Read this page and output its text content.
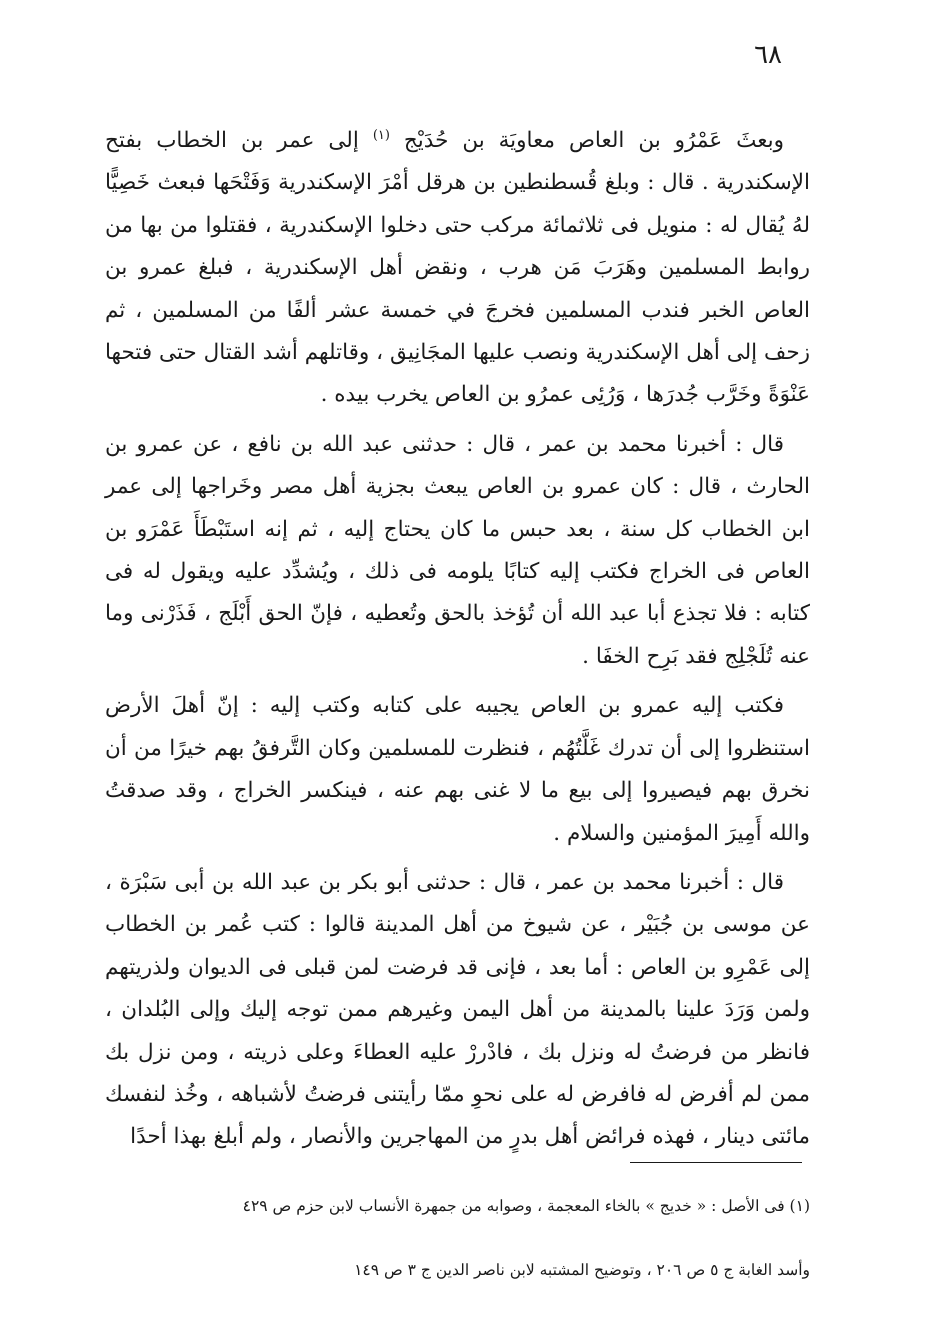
٦٨

وبعثَ عَمْرُو بن العاص معاويَة بن حُدَيْج $^{(١)}$ إلى عمر بن الخطاب بفتح الإسكندرية . قال : وبلغ قُسطنطين بن هرقل أمْرَ الإسكندرية وَفَتْحَها فبعث خَصِيًّا لهُ يُقال له : منويل فى ثلاثمائة مركب حتى دخلوا الإسكندرية ، فقتلوا من بها من روابط المسلمين وهَرَبَ مَن هرب ، ونقض أهل الإسكندرية ، فبلغ عمرو بن العاص الخبر فندب المسلمين فخرجَ في خمسة عشر ألفًا من المسلمين ، ثم زحف إلى أهل الإسكندرية ونصب عليها المجَانِيق ، وقاتلهم أشد القتال حتى فتحها عَنْوَةً وخَرَّب جُدرَها ، وَرُئِى عمرُو بن العاص يخرب بيده .

قال : أخبرنا محمد بن عمر ، قال : حدثنى عبد الله بن نافع ، عن عمرو بن الحارث ، قال : كان عمرو بن العاص يبعث بجزية أهل مصر وخَراجها إلى عمر ابن الخطاب كل سنة ، بعد حبس ما كان يحتاج إليه ، ثم إنه استَبْطَأَ عَمْرَو بن العاص فى الخراج فكتب إليه كتابًا يلومه فى ذلك ، ويُشدِّد عليه ويقول له فى كتابه : فلا تجذع أبا عبد الله أن تُؤخذ بالحق وتُعطيه ، فإنّ الحق أَبْلَج ، فَذَرْنى وما عنه تُلَجْلِج فقد بَرِح الخفَا .

فكتب إليه عمرو بن العاص يجيبه على كتابه وكتب إليه : إنّ أهلَ الأرض استنظروا إلى أن تدرك غَلَّتُهُم ، فنظرت للمسلمين وكان التَّرفقُ بهم خيرًا من أن نخرق بهم فيصيروا إلى بيع ما لا غنى بهم عنه ، فينكسر الخراج ، وقد صدقتُ والله أَمِيرَ المؤمنين والسلام .

قال : أخبرنا محمد بن عمر ، قال : حدثنى أبو بكر بن عبد الله بن أبى سَبْرَة ، عن موسى بن جُبَيْر ، عن شيوخ من أهل المدينة قالوا : كتب عُمر بن الخطاب إلى عَمْرِو بن العاص : أما بعد ، فإنى قد فرضت لمن قبلى فى الديوان ولذريتهم ولمن وَرَدَ علينا بالمدينة من أهل اليمن وغيرهم ممن توجه إليك وإلى البُلدان ، فانظر من فرضتُ له ونزل بك ، فادْررْ عليه العطاءَ وعلى ذريته ، ومن نزل بك ممن لم أفرض له فافرض له على نحوِ ممّا رأيتنى فرضتُ لأشباهه ، وخُذ لنفسك مائتى دينار ، فهذه فرائض أهل بدرٍ من المهاجرين والأنصار ، ولم أبلغ بهذا أحدًا

(١) فى الأصل : « خديج » بالخاء المعجمة ، وصوابه من جمهرة الأنساب لابن حزم ص ٤٢٩

وأسد الغابة ج ٥ ص ٢٠٦ ، وتوضيح المشتبه لابن ناصر الدين ج ٣ ص ١٤٩
